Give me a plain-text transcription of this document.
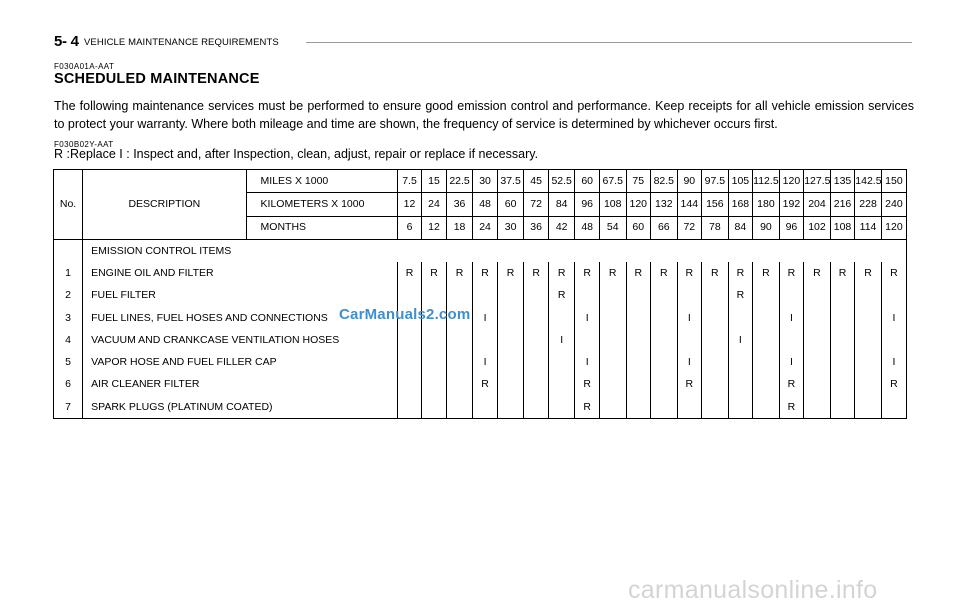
5- 4 VEHICLE MAINTENANCE REQUIREMENTS
F030A01A-AAT
SCHEDULED MAINTENANCE
The following maintenance services must be performed to ensure good emission control and performance. Keep receipts for all vehicle emission services to protect your warranty. Where both mileage and time are shown, the frequency of service is determined by whichever occurs first.
F030B02Y-AAT
R :Replace I : Inspect and, after Inspection, clean, adjust, repair or replace if necessary.
No.	DESCRIPTION	MILES X 1000	7.5	15	22.5	30	37.5	45	52.5	60	67.5	75	82.5	90	97.5	105	112.5	120	127.5	135	142.5	150
		KILOMETERS X 1000	12	24	36	48	60	72	84	96	108	120	132	144	156	168	180	192	204	216	228	240
		MONTHS	6	12	18	24	30	36	42	48	54	60	66	72	78	84	90	96	102	108	114	120
	EMISSION CONTROL ITEMS																					
1	ENGINE OIL AND FILTER		R	R	R	R	R	R	R	R	R	R	R	R	R	R	R	R	R	R	R	R
2	FUEL FILTER								R							R						
3	FUEL LINES, FUEL HOSES AND CONNECTIONS					I				I				I				I				I
4	VACUUM AND CRANKCASE VENTILATION HOSES								I							I						
5	VAPOR HOSE AND FUEL FILLER CAP					I				I				I				I				I
6	AIR CLEANER FILTER					R				R				R				R				R
7	SPARK PLUGS (PLATINUM COATED)									R								R				
CarManuals2.com
carmanualsonline.info
